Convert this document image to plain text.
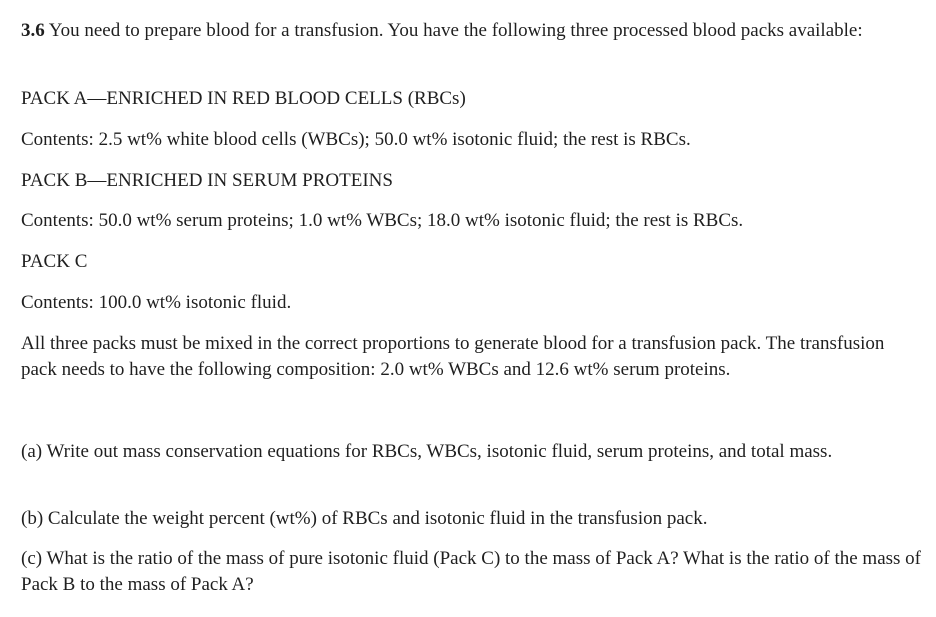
3.6 You need to prepare blood for a transfusion. You have the following three processed blood packs available:

PACK A—ENRICHED IN RED BLOOD CELLS (RBCs)

Contents: 2.5 wt% white blood cells (WBCs); 50.0 wt% isotonic fluid; the rest is RBCs.

PACK B—ENRICHED IN SERUM PROTEINS

Contents: 50.0 wt% serum proteins; 1.0 wt% WBCs; 18.0 wt% isotonic fluid; the rest is RBCs.

PACK C

Contents: 100.0 wt% isotonic fluid.

All three packs must be mixed in the correct proportions to generate blood for a transfusion pack. The transfusion pack needs to have the following composition: 2.0 wt% WBCs and 12.6 wt% serum proteins.

(a) Write out mass conservation equations for RBCs, WBCs, isotonic fluid, serum proteins, and total mass.

(b) Calculate the weight percent (wt%) of RBCs and isotonic fluid in the transfusion pack.

(c) What is the ratio of the mass of pure isotonic fluid (Pack C) to the mass of Pack A? What is the ratio of the mass of Pack B to the mass of Pack A?
